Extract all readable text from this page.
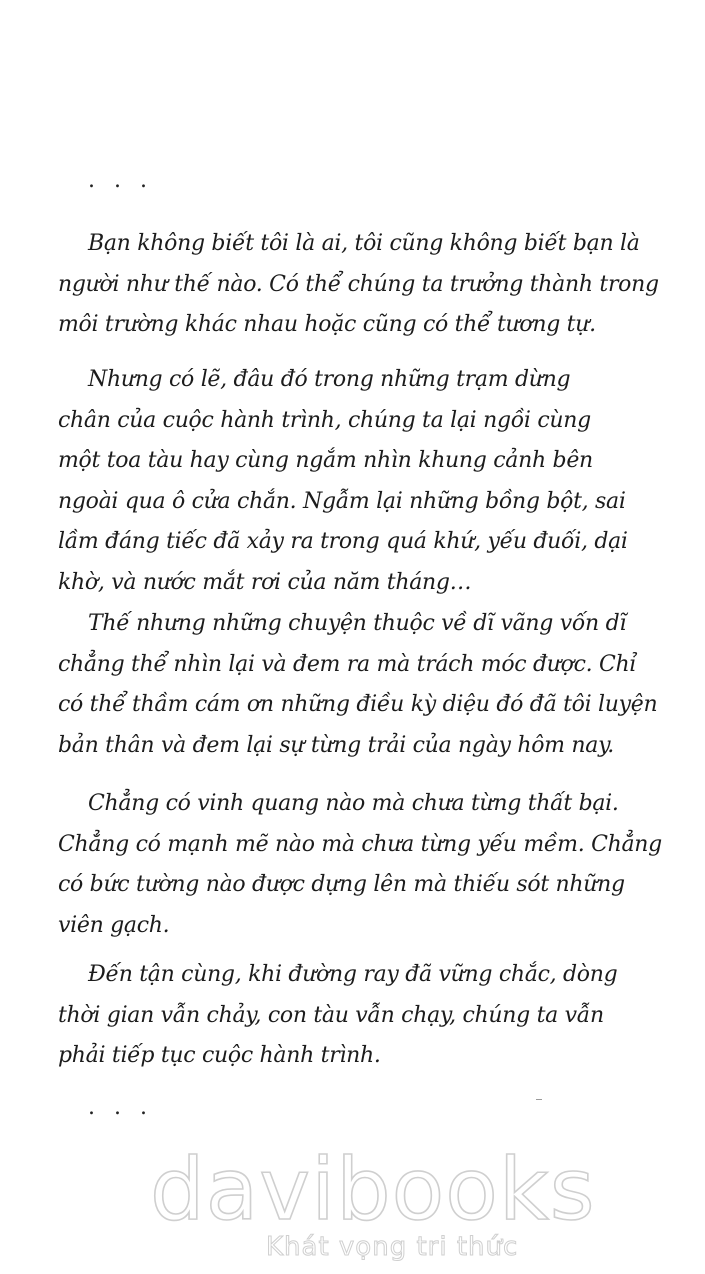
. . .
Bạn không biết tôi là ai, tôi cũng không biết bạn là
người như thế nào. Có thể chúng ta trưởng thành trong
môi trường khác nhau hoặc cũng có thể tương tự.
Nhưng có lẽ, đâu đó trong những trạm dừng
chân của cuộc hành trình, chúng ta lại ngồi cùng
một toa tàu hay cùng ngắm nhìn khung cảnh bên
ngoài qua ô cửa chắn. Ngẫm lại những bồng bột, sai
lầm đáng tiếc đã xảy ra trong quá khứ, yếu đuối, dại
khờ, và nước mắt rơi của năm tháng…
Thế nhưng những chuyện thuộc về dĩ vãng vốn dĩ
chẳng thể nhìn lại và đem ra mà trách móc được. Chỉ
có thể thầm cám ơn những điều kỳ diệu đó đã tôi luyện
bản thân và đem lại sự từng trải của ngày hôm nay.
Chẳng có vinh quang nào mà chưa từng thất bại.
Chẳng có mạnh mẽ nào mà chưa từng yếu mềm. Chẳng
có bức tường nào được dựng lên mà thiếu sót những
viên gạch.
Đến tận cùng, khi đường ray đã vững chắc, dòng
thời gian vẫn chảy, con tàu vẫn chạy, chúng ta vẫn
phải tiếp tục cuộc hành trình.
. . .
davibooks
Khát vọng tri thức
